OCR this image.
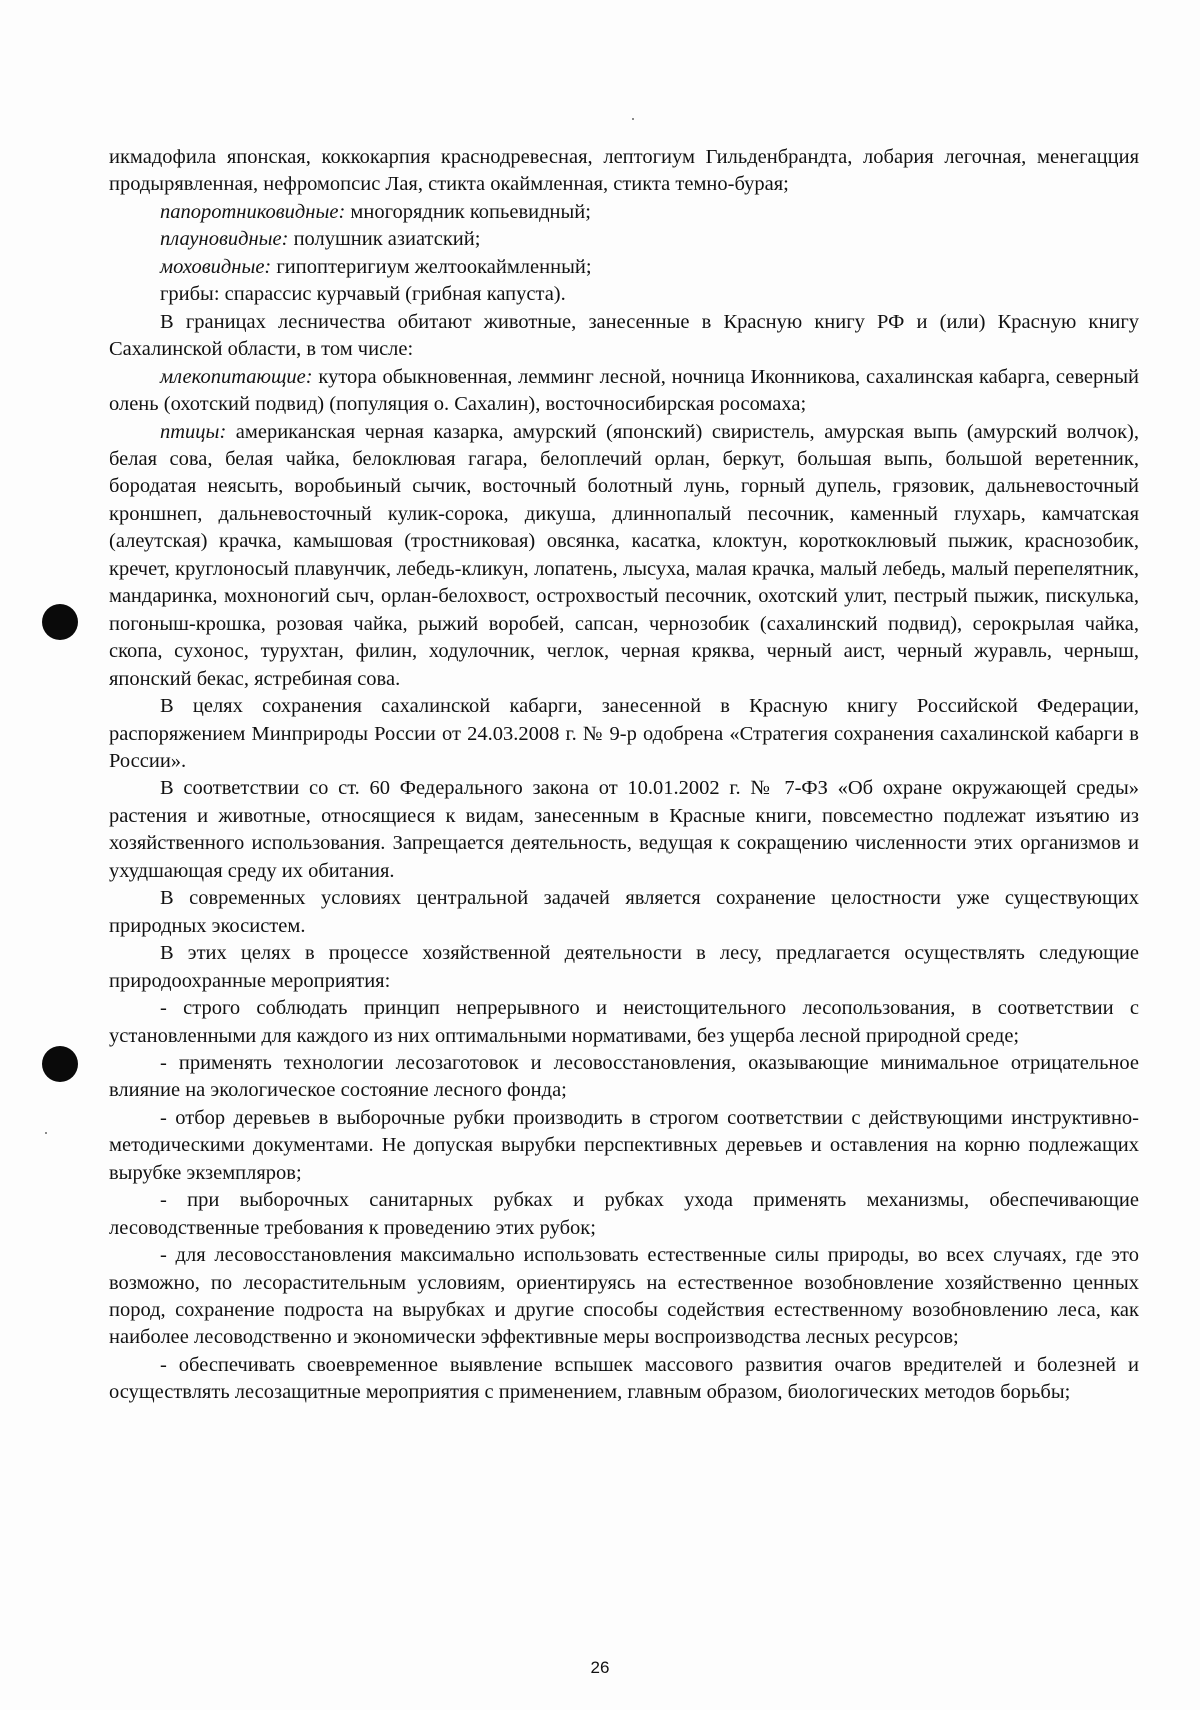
икмадофила японская, коккокарпия краснодревесная, лептогиум Гильденбрандта, лобария легочная, менегацция продырявленная, нефромопсис Лая, стикта окаймленная, стикта темно-бурая;

папоротниковидные: многорядник копьевидный;

плауновидные: полушник азиатский;

моховидные: гипоптеригиум желтоокаймленный;

грибы: спарассис курчавый (грибная капуста).

В границах лесничества обитают животные, занесенные в Красную книгу РФ и (или) Красную книгу Сахалинской области, в том числе:

млекопитающие: кутора обыкновенная, лемминг лесной, ночница Иконникова, сахалинская кабарга, северный олень (охотский подвид) (популяция о. Сахалин), восточносибирская росомаха;

птицы: американская черная казарка, амурский (японский) свиристель, амурская выпь (амурский волчок), белая сова, белая чайка, белоклювая гагара, белоплечий орлан, беркут, большая выпь, большой веретенник, бородатая неясыть, воробьиный сычик, восточный болотный лунь, горный дупель, грязовик, дальневосточный кроншнеп, дальневосточный кулик-сорока, дикуша, длиннопалый песочник, каменный глухарь, камчатская (алеутская) крачка, камышовая (тростниковая) овсянка, касатка, клоктун, короткоклювый пыжик, краснозобик, кречет, круглоносый плавунчик, лебедь-кликун, лопатень, лысуха, малая крачка, малый лебедь, малый перепелятник, мандаринка, мохноногий сыч, орлан-белохвост, острохвостый песочник, охотский улит, пестрый пыжик, пискулька, погоныш-крошка, розовая чайка, рыжий воробей, сапсан, чернозобик (сахалинский подвид), серокрылая чайка, скопа, сухонос, турухтан, филин, ходулочник, чеглок, черная кряква, черный аист, черный журавль, черныш, японский бекас, ястребиная сова.

В целях сохранения сахалинской кабарги, занесенной в Красную книгу Российской Федерации, распоряжением Минприроды России от 24.03.2008 г. № 9-р одобрена «Стратегия сохранения сахалинской кабарги в России».

В соответствии со ст. 60 Федерального закона от 10.01.2002 г. № 7-ФЗ «Об охране окружающей среды» растения и животные, относящиеся к видам, занесенным в Красные книги, повсеместно подлежат изъятию из хозяйственного использования. Запрещается деятельность, ведущая к сокращению численности этих организмов и ухудшающая среду их обитания.

В современных условиях центральной задачей является сохранение целостности уже существующих природных экосистем.

В этих целях в процессе хозяйственной деятельности в лесу, предлагается осуществлять следующие природоохранные мероприятия:

- строго соблюдать принцип непрерывного и неистощительного лесопользования, в соответствии с установленными для каждого из них оптимальными нормативами, без ущерба лесной природной среде;

- применять технологии лесозаготовок и лесовосстановления, оказывающие минимальное отрицательное влияние на экологическое состояние лесного фонда;

- отбор деревьев в выборочные рубки производить в строгом соответствии с действующими инструктивно-методическими документами. Не допуская вырубки перспективных деревьев и оставления на корню подлежащих вырубке экземпляров;

- при выборочных санитарных рубках и рубках ухода применять механизмы, обеспечивающие лесоводственные требования к проведению этих рубок;

- для лесовосстановления максимально использовать естественные силы природы, во всех случаях, где это возможно, по лесорастительным условиям, ориентируясь на естественное возобновление хозяйственно ценных пород, сохранение подроста на вырубках и другие способы содействия естественному возобновлению леса, как наиболее лесоводственно и экономически эффективные меры воспроизводства лесных ресурсов;

- обеспечивать своевременное выявление вспышек массового развития очагов вредителей и болезней и осуществлять лесозащитные мероприятия с применением, главным образом, биологических методов борьбы;

26
